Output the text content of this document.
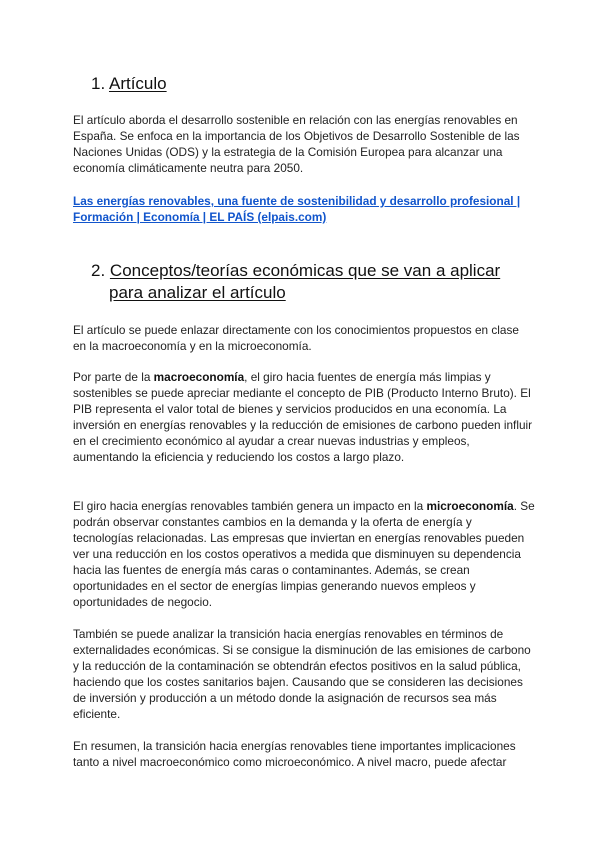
1. Artículo
El artículo aborda el desarrollo sostenible en relación con las energías renovables en España. Se enfoca en la importancia de los Objetivos de Desarrollo Sostenible de las Naciones Unidas (ODS) y la estrategia de la Comisión Europea para alcanzar una economía climáticamente neutra para 2050.
Las energías renovables, una fuente de sostenibilidad y desarrollo profesional | Formación | Economía | EL PAÍS (elpais.com)
2. Conceptos/teorías económicas que se van a aplicar
para analizar el artículo
El artículo se puede enlazar directamente con los conocimientos propuestos en clase en la macroeconomía y en la microeconomía.
Por parte de la macroeconomía, el giro hacia fuentes de energía más limpias y sostenibles se puede apreciar mediante el concepto de PIB (Producto Interno Bruto). El PIB representa el valor total de bienes y servicios producidos en una economía. La inversión en energías renovables y la reducción de emisiones de carbono pueden influir en el crecimiento económico al ayudar a crear nuevas industrias y empleos, aumentando la eficiencia y reduciendo los costos a largo plazo.
El giro hacia energías renovables también genera un impacto en la microeconomía. Se podrán observar constantes cambios en la demanda y la oferta de energía y tecnologías relacionadas. Las empresas que inviertan en energías renovables pueden ver una reducción en los costos operativos a medida que disminuyen su dependencia hacia las fuentes de energía más caras o contaminantes. Además, se crean oportunidades en el sector de energías limpias generando nuevos empleos y oportunidades de negocio.
También se puede analizar la transición hacia energías renovables en términos de externalidades económicas. Si se consigue la disminución de las emisiones de carbono y la reducción de la contaminación se obtendrán efectos positivos en la salud pública, haciendo que los costes sanitarios bajen. Causando que se consideren las decisiones de inversión y producción a un método donde la asignación de recursos sea más eficiente.
En resumen, la transición hacia energías renovables tiene importantes implicaciones tanto a nivel macroeconómico como microeconómico. A nivel macro, puede afectar
